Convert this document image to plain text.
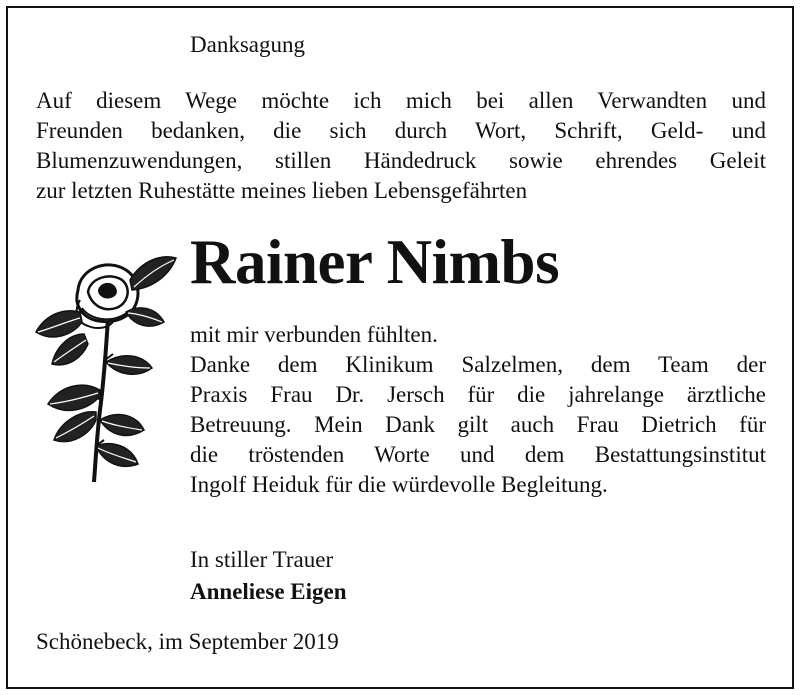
Danksagung
Auf diesem Wege möchte ich mich bei allen Verwandten und
Freunden bedanken, die sich durch Wort, Schrift, Geld- und
Blumenzuwendungen, stillen Händedruck sowie ehrendes Geleit
zur letzten Ruhestätte meines lieben Lebensgefährten
Rainer Nimbs
mit mir verbunden fühlten.
Danke dem Klinikum Salzelmen, dem Team der
Praxis Frau Dr. Jersch für die jahrelange ärztliche
Betreuung. Mein Dank gilt auch Frau Dietrich für
die tröstenden Worte und dem Bestattungsinstitut
Ingolf Heiduk für die würdevolle Begleitung.
In stiller Trauer
Anneliese Eigen
Schönebeck, im September 2019
